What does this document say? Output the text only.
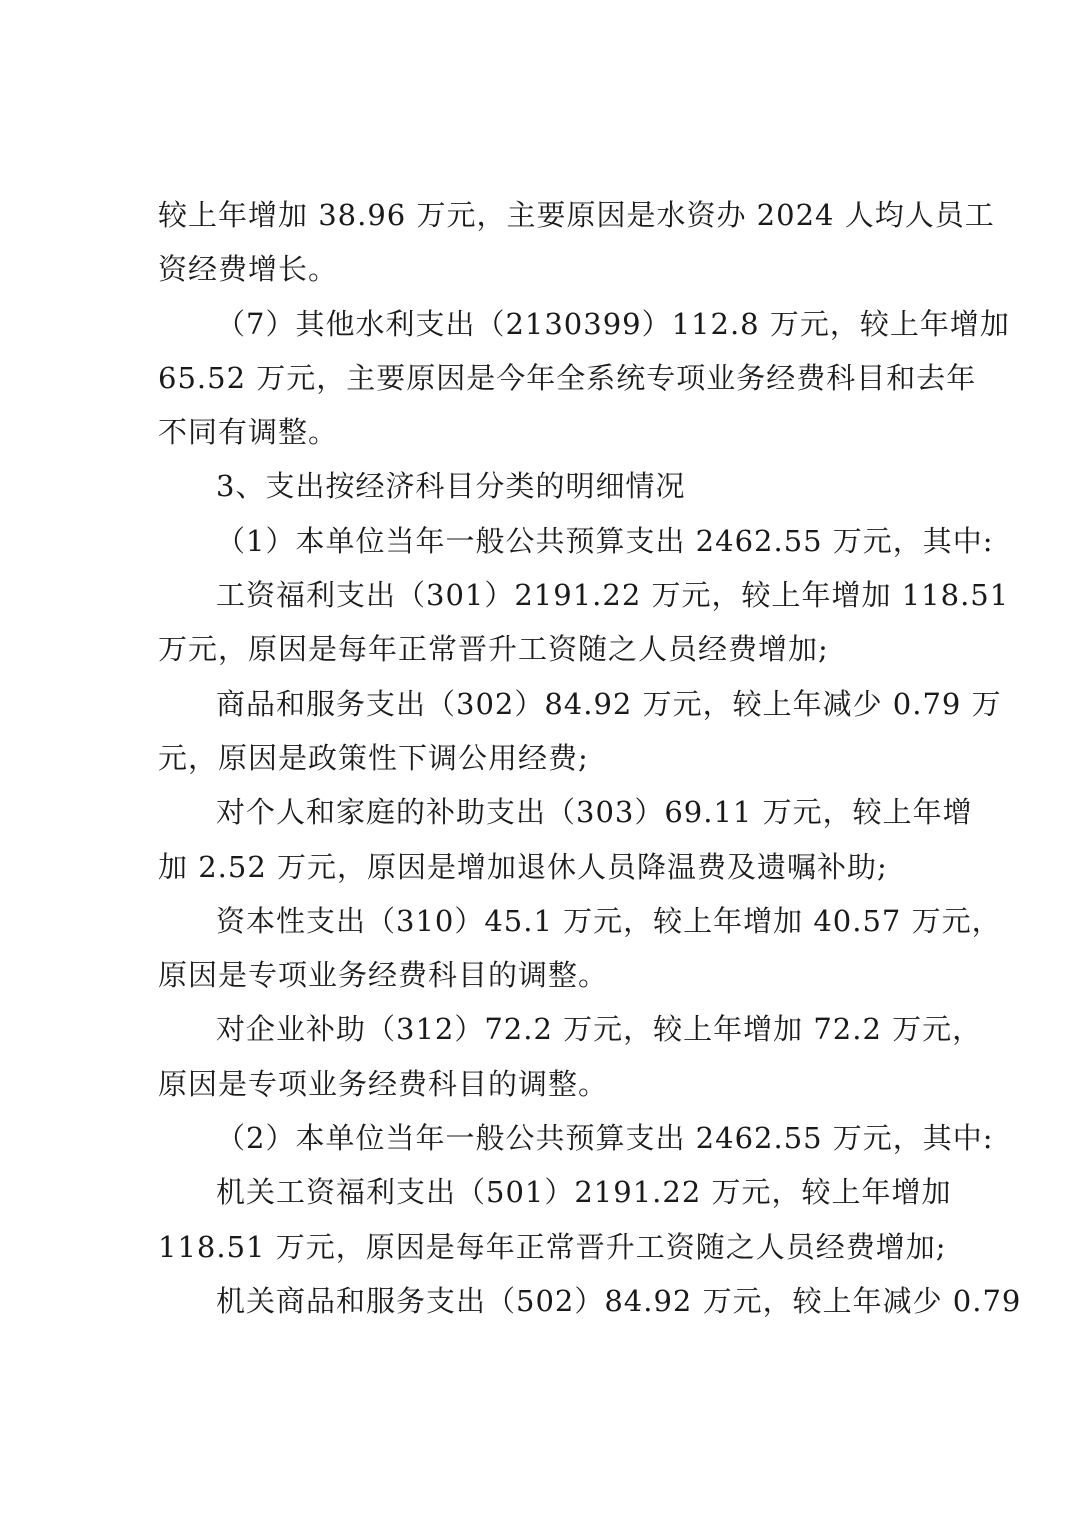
较上年增加 38.96 万元，主要原因是水资办 2024 人均人员工
资经费增长。
（7）其他水利支出（2130399）112.8 万元，较上年增加
65.52 万元，主要原因是今年全系统专项业务经费科目和去年
不同有调整。
3、支出按经济科目分类的明细情况
（1）本单位当年一般公共预算支出 2462.55 万元，其中:
工资福利支出（301）2191.22 万元，较上年增加 118.51
万元，原因是每年正常晋升工资随之人员经费增加;
商品和服务支出（302）84.92 万元，较上年减少 0.79 万
元，原因是政策性下调公用经费;
对个人和家庭的补助支出（303）69.11 万元，较上年增
加 2.52 万元，原因是增加退休人员降温费及遗嘱补助;
资本性支出（310）45.1 万元，较上年增加 40.57 万元，
原因是专项业务经费科目的调整。
对企业补助（312）72.2 万元，较上年增加 72.2 万元，
原因是专项业务经费科目的调整。
（2）本单位当年一般公共预算支出 2462.55 万元，其中:
机关工资福利支出（501）2191.22 万元，较上年增加
118.51 万元，原因是每年正常晋升工资随之人员经费增加;
机关商品和服务支出（502）84.92 万元，较上年减少 0.79
